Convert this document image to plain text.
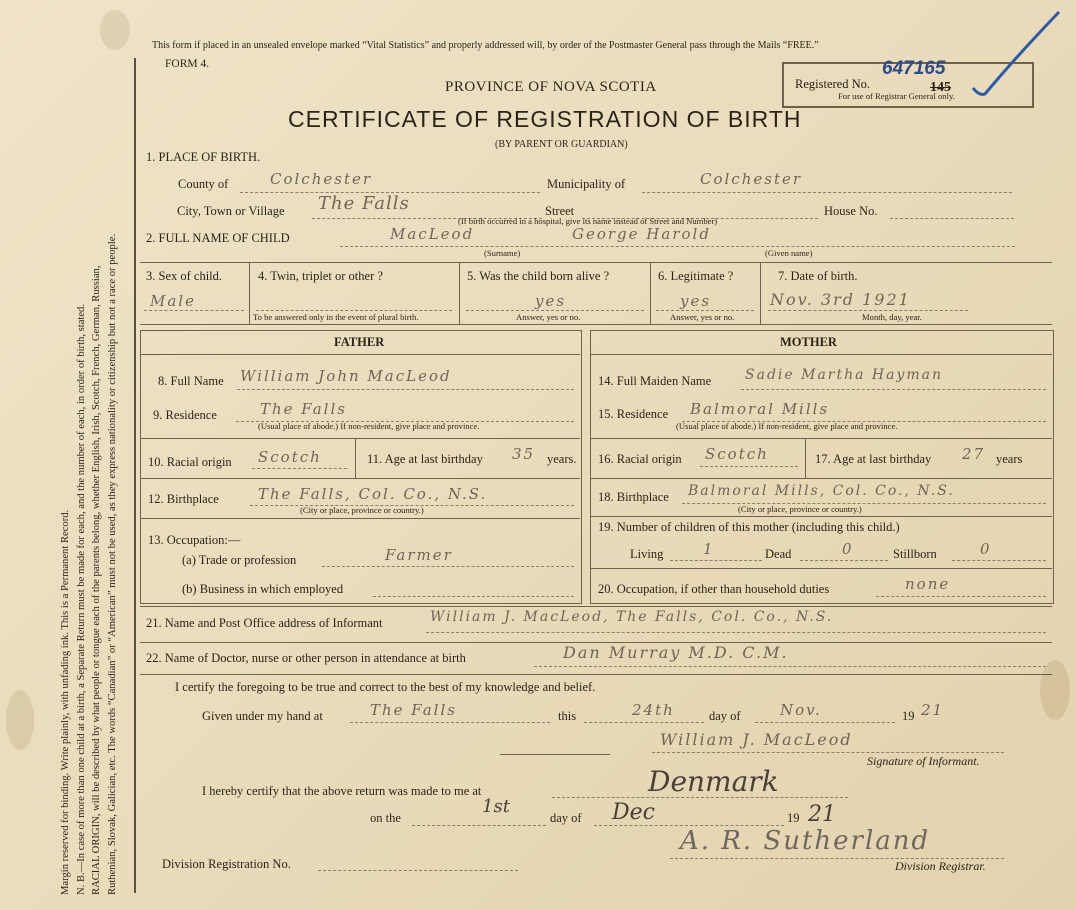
Margin reserved for binding. Write plainly, with unfading ink. This is a Permanent Record. N. B.—In case of more than one child at a birth, a Separate Return must be made for each, and the number of each, in order of birth, stated. RACIAL ORIGIN, will be described by what people or tongue each of the parents belong, whether English, Irish, Scotch, French, German, Russian, Ruthenian, Slovak, Galician, etc. The words “Canadian” or “American” must not be used, as they express nationality or citizenship but not a race or people.
This form if placed in an unsealed envelope marked “Vital Statistics” and properly addressed will, by order of the Postmaster General pass through the Mails “FREE.”
FORM 4.
PROVINCE OF NOVA SCOTIA
CERTIFICATE OF REGISTRATION OF BIRTH
(BY PARENT OR GUARDIAN)
Registered No.
647165
145
For use of Registrar General only.
1. PLACE OF BIRTH.
County of	Colchester	Municipality of	Colchester
City, Town or Village The Falls	Street
(If birth occurred in a hospital, give its name instead of Street and Number)
House No.
2. FULL NAME OF CHILD	MacLeod	George Harold
(Surname)	(Given name)
3. Sex of child.
Male
4. Twin, triplet or other ?
To be answered only in the event of plural birth.
5. Was the child born alive ?
yes
Answer, yes or no.
6. Legitimate ?
yes
Answer, yes or no.
7. Date of birth.
Nov. 3rd 1921
Month, day, year.
FATHER	MOTHER
8. Full Name William John MacLeod
9. Residence	The Falls
(Usual place of abode.) If non-resident, give place and province.
10. Racial origin Scotch	11. Age at last birthday 35 years.
12. Birthplace	The Falls, Col. Co., N.S.
(City or place, province or country.)
13. Occupation:—
(a) Trade or profession	Farmer
(b) Business in which employed
14. Full Maiden Name Sadie Martha Hayman
15. Residence Balmoral Mills
(Usual place of abode.) If non-resident, give place and province.
16. Racial origin Scotch	17. Age at last birthday 27 years
18. Birthplace Balmoral Mills, Col. Co., N.S.
(City or place, province or country.)
19. Number of children of this mother (including this child.)
Living	1	Dead	0	Stillborn	0
20. Occupation, if other than household duties	none
21. Name and Post Office address of Informant	William J. MacLeod, The Falls, Col. Co., N.S.
22. Name of Doctor, nurse or other person in attendance at birth	Dan Murray M.D. C.M.
I certify the foregoing to be true and correct to the best of my knowledge and belief.
Given under my hand at	The Falls	this	24th	day of	Nov.	19 21
William J. MacLeod
Signature of Informant.
I hereby certify that the above return was made to me at	Denmark
on the
1st
day of Dec	19 21
Division Registration No.
A. R. Sutherland
Division Registrar.
